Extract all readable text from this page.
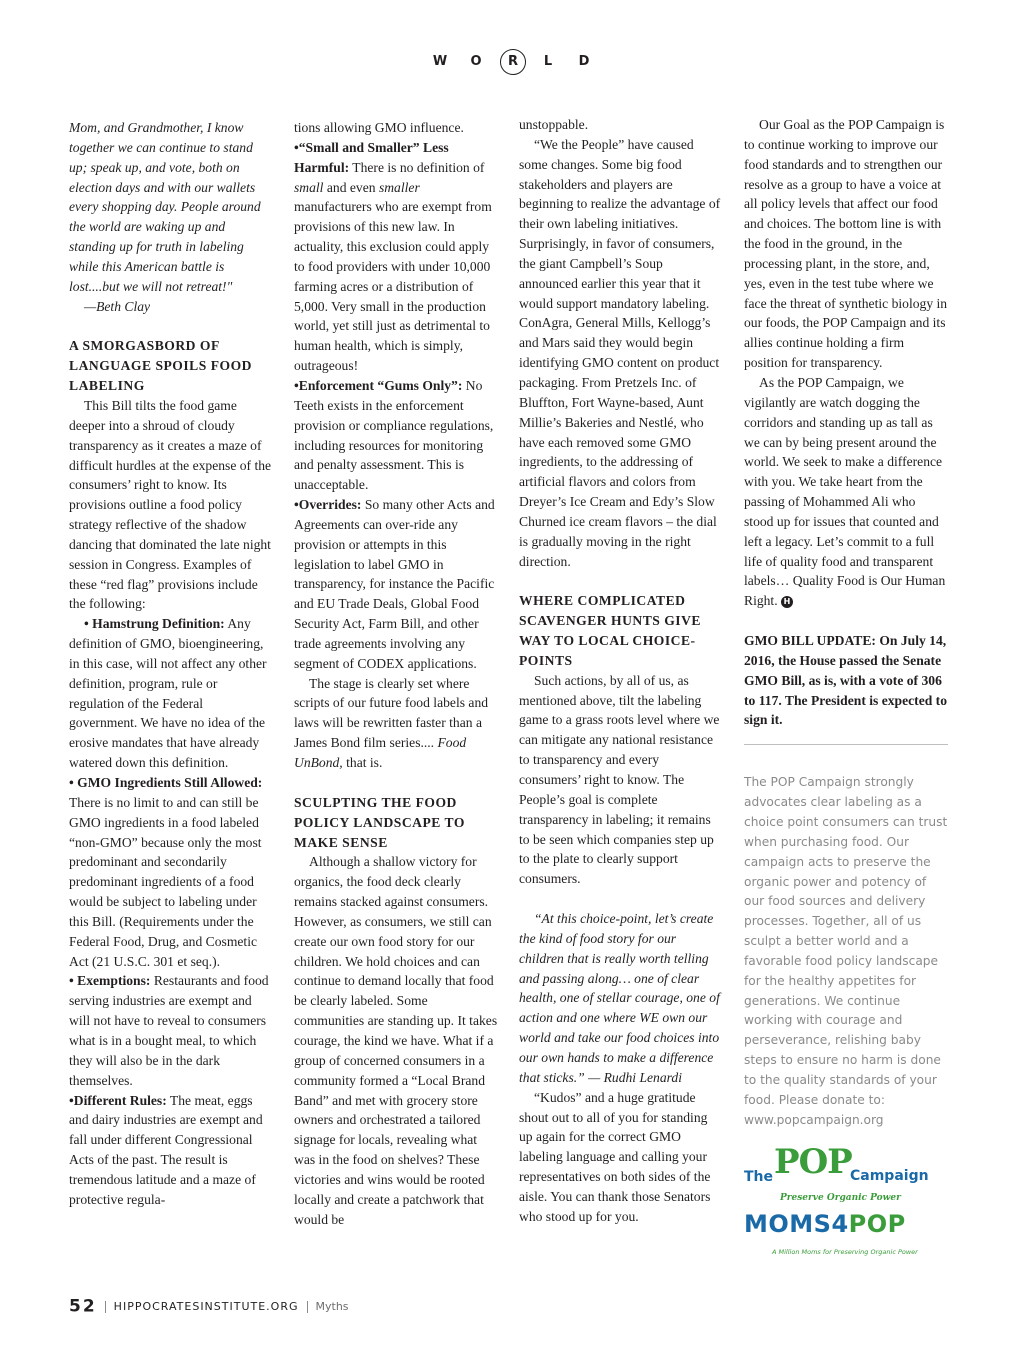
W O R L D

Mom, and Grandmother, I know together we can continue to stand up; speak up, and vote, both on election days and with our wallets every shopping day. People around the world are waking up and standing up for truth in labeling while this American battle is lost....but we will not retreat!"

—Beth Clay

A SMORGASBORD OF LANGUAGE SPOILS FOOD LABELING

This Bill tilts the food game deeper into a shroud of cloudy transparency as it creates a maze of difficult hurdles at the expense of the consumers’ right to know. Its provisions outline a food policy strategy reflective of the shadow dancing that dominated the late night session in Congress. Examples of these “red flag” provisions include the following:

• Hamstrung Definition: Any definition of GMO, bioengineering, in this case, will not affect any other definition, program, rule or regulation of the Federal government. We have no idea of the erosive mandates that have already watered down this definition.

• GMO Ingredients Still Allowed: There is no limit to and can still be GMO ingredients in a food labeled “non-GMO” because only the most predominant and secondarily predominant ingredients of a food would be subject to labeling under this Bill. (Requirements under the Federal Food, Drug, and Cosmetic Act (21 U.S.C. 301 et seq.).

• Exemptions: Restaurants and food serving industries are exempt and will not have to reveal to consumers what is in a bought meal, to which they will also be in the dark themselves.

•Different Rules: The meat, eggs and dairy industries are exempt and fall under different Congressional Acts of the past. The result is tremendous latitude and a maze of protective regula-

tions allowing GMO influence.

•“Small and Smaller” Less Harmful: There is no definition of small and even smaller manufacturers who are exempt from provisions of this new law. In actuality, this exclusion could apply to food providers with under 10,000 farming acres or a distribution of 5,000. Very small in the production world, yet still just as detrimental to human health, which is simply, outrageous!

•Enforcement “Gums Only”: No Teeth exists in the enforcement provision or compliance regulations, including resources for monitoring and penalty assessment. This is unacceptable.

•Overrides: So many other Acts and Agreements can over-ride any provision or attempts in this legislation to label GMO in transparency, for instance the Pacific and EU Trade Deals, Global Food Security Act, Farm Bill, and other trade agreements involving any segment of CODEX applications.

The stage is clearly set where scripts of our future food labels and laws will be rewritten faster than a James Bond film series.... Food UnBond, that is.

SCULPTING THE FOOD POLICY LANDSCAPE TO MAKE SENSE

Although a shallow victory for organics, the food deck clearly remains stacked against consumers. However, as consumers, we still can create our own food story for our children. We hold choices and can continue to demand locally that food be clearly labeled. Some communities are standing up. It takes courage, the kind we have. What if a group of concerned consumers in a community formed a “Local Brand Band” and met with grocery store owners and orchestrated a tailored signage for locals, revealing what was in the food on shelves? These victories and wins would be rooted locally and create a patchwork that would be

unstoppable.

“We the People” have caused some changes. Some big food stakeholders and players are beginning to realize the advantage of their own labeling initiatives. Surprisingly, in favor of consumers, the giant Campbell’s Soup announced earlier this year that it would support mandatory labeling. ConAgra, General Mills, Kellogg’s and Mars said they would begin identifying GMO content on product packaging. From Pretzels Inc. of Bluffton, Fort Wayne-based, Aunt Millie’s Bakeries and Nestlé, who have each removed some GMO ingredients, to the addressing of artificial flavors and colors from Dreyer’s Ice Cream and Edy’s Slow Churned ice cream flavors – the dial is gradually moving in the right direction.

WHERE COMPLICATED SCAVENGER HUNTS GIVE WAY TO LOCAL CHOICE-POINTS

Such actions, by all of us, as mentioned above, tilt the labeling game to a grass roots level where we can mitigate any national resistance to transparency and every consumers’ right to know. The People’s goal is complete transparency in labeling; it remains to be seen which companies step up to the plate to clearly support consumers.

“At this choice-point, let’s create the kind of food story for our children that is really worth telling and passing along… one of clear health, one of stellar courage, one of action and one where WE own our world and take our food choices into our own hands to make a difference that sticks.” — Rudhi Lenardi

“Kudos” and a huge gratitude shout out to all of you for standing up again for the correct GMO labeling language and calling your representatives on both sides of the aisle. You can thank those Senators who stood up for you.

Our Goal as the POP Campaign is to continue working to improve our food standards and to strengthen our resolve as a group to have a voice at all policy levels that affect our food and choices. The bottom line is with the food in the ground, in the processing plant, in the store, and, yes, even in the test tube where we face the threat of synthetic biology in our foods, the POP Campaign and its allies continue holding a firm position for transparency.

As the POP Campaign, we vigilantly are watch dogging the corridors and standing up as tall as we can by being present around the world. We seek to make a difference with you. We take heart from the passing of Mohammed Ali who stood up for issues that counted and left a legacy. Let’s commit to a full life of quality food and transparent labels… Quality Food is Our Human Right. H

GMO BILL UPDATE: On July 14, 2016, the House passed the Senate GMO Bill, as is, with a vote of 306 to 117. The President is expected to sign it.

The POP Campaign strongly advocates clear labeling as a choice point consumers can trust when purchasing food. Our campaign acts to preserve the organic power and potency of our food sources and delivery processes. Together, all of us sculpt a better world and a favorable food policy landscape for the healthy appetites for generations. We continue working with courage and perseverance, relishing baby steps to ensure no harm is done to the quality standards of your food. Please donate to: www.popcampaign.org

The POP
Campaign
Preserve Organic Power
MOMS4POP
A Million Moms for Preserving Organic Power
52 HIPPOCRATESINSTITUTE.ORG Myths
